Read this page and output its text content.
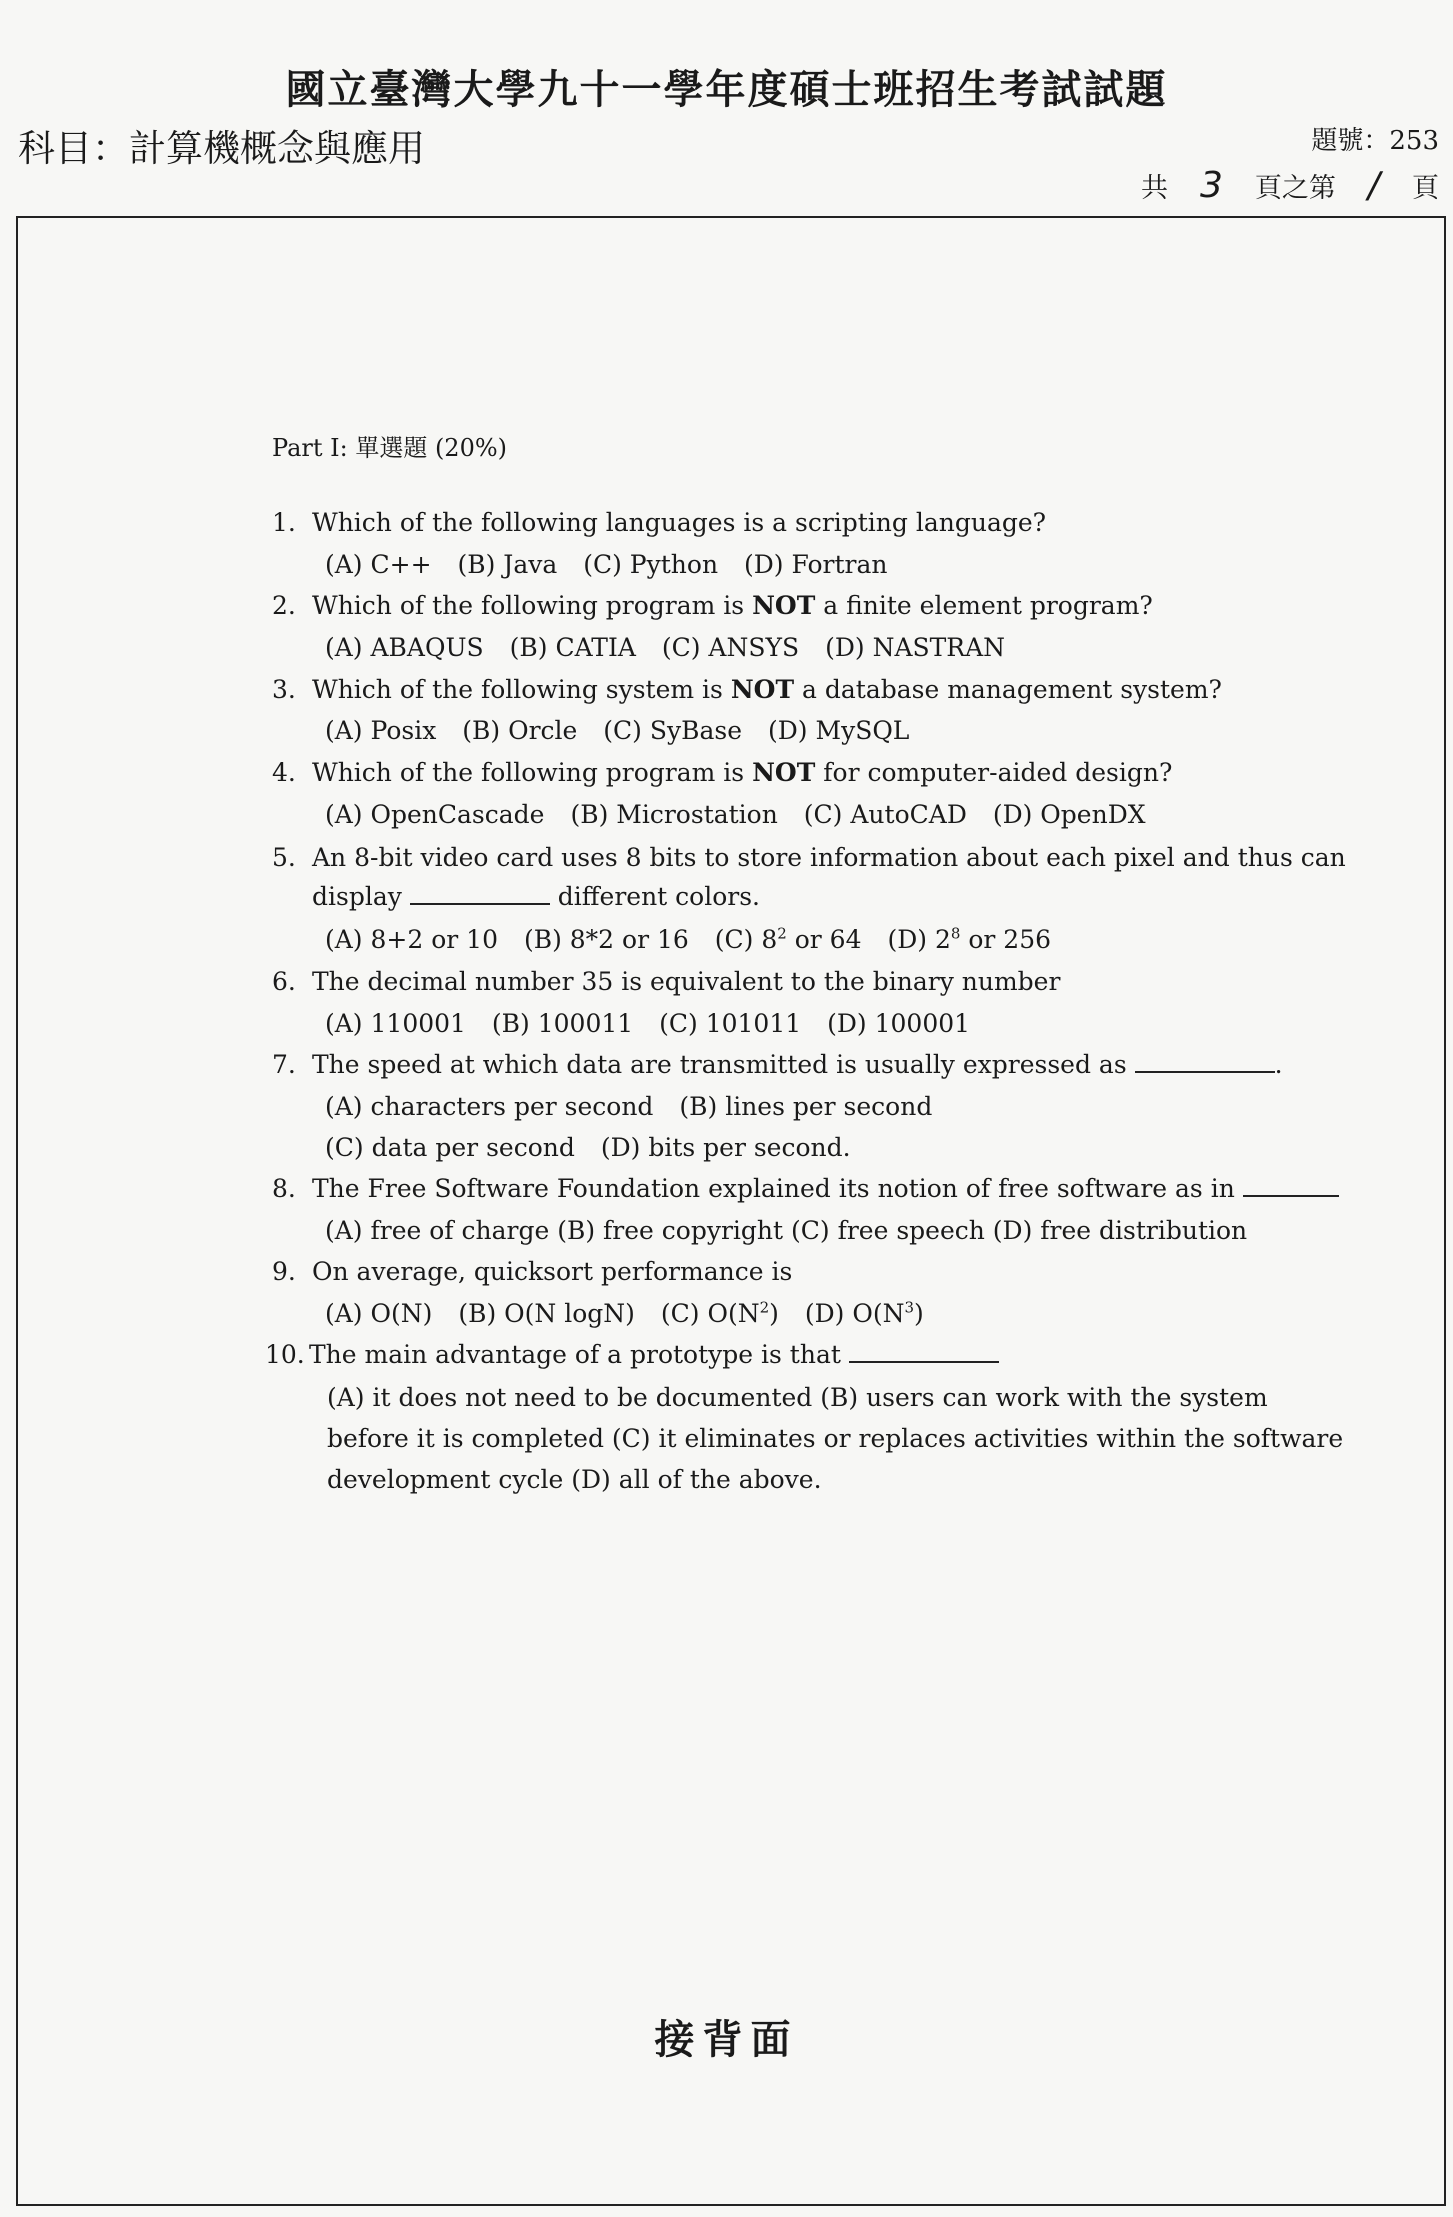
國立臺灣大學九十一學年度碩士班招生考試試題
科目：計算機概念與應用	題號：253
共 3	頁之第 /	頁
Part I: 單選題 (20%)
1. Which of the following languages is a scripting language?
(A) C++ (B) Java (C) Python (D) Fortran
2. Which of the following program is NOT a finite element program?
(A) ABAQUS (B) CATIA (C) ANSYS (D) NASTRAN
3. Which of the following system is NOT a database management system?
(A) Posix (B) Orcle (C) SyBase (D) MySQL
4. Which of the following program is NOT for computer-aided design?
(A) OpenCascade (B) Microstation (C) AutoCAD (D) OpenDX
5. An 8-bit video card uses 8 bits to store information about each pixel and thus can
display	different colors.
(A) 8+2 or 10 (B) 8*2 or 16 (C) $8^2$ or 64 (D) $2^8$ or 256
6. The decimal number 35 is equivalent to the binary number
(A) 110001 (B) 100011 (C) 101011 (D) 100001
7. The speed at which data are transmitted is usually expressed as	.
(A) characters per second (B) lines per second
(C) data per second (D) bits per second.
8. The Free Software Foundation explained its notion of free software as in
(A) free of charge (B) free copyright (C) free speech (D) free distribution
9. On average, quicksort performance is
(A) O(N) (B) O(N logN) (C) $O(N^2)$ (D) $O(N^3)$
10. The main advantage of a prototype is that
(A) it does not need to be documented (B) users can work with the system
before it is completed (C) it eliminates or replaces activities within the software
development cycle (D) all of the above.
接背面
